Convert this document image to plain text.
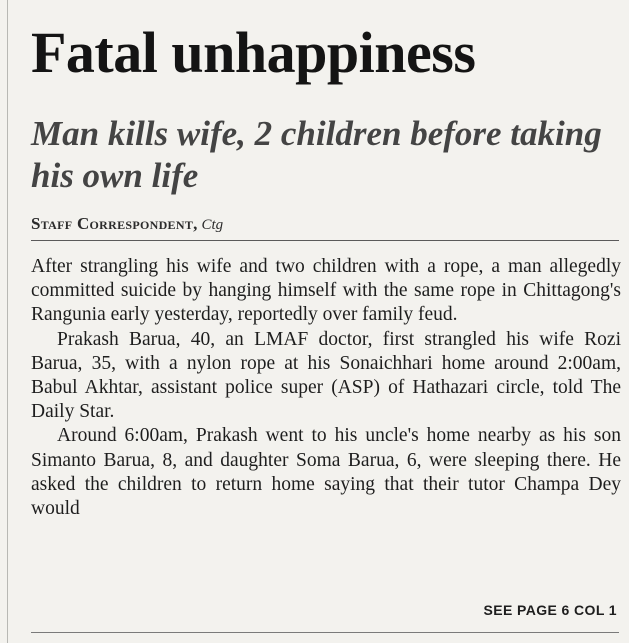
Fatal unhappiness
Man kills wife, 2 children before taking his own life
Staff Correspondent, Ctg

After strangling his wife and two children with a rope, a man allegedly committed suicide by hanging himself with the same rope in Chittagong's Rangunia early yesterday, reportedly over family feud.

Prakash Barua, 40, an LMAF doctor, first strangled his wife Rozi Barua, 35, with a nylon rope at his Sonaichhari home around 2:00am, Babul Akhtar, assistant police super (ASP) of Hathazari circle, told The Daily Star.

Around 6:00am, Prakash went to his uncle's home nearby as his son Simanto Barua, 8, and daughter Soma Barua, 6, were sleeping there. He asked the children to return home saying that their tutor Champa Dey would

SEE PAGE 6 COL 1
